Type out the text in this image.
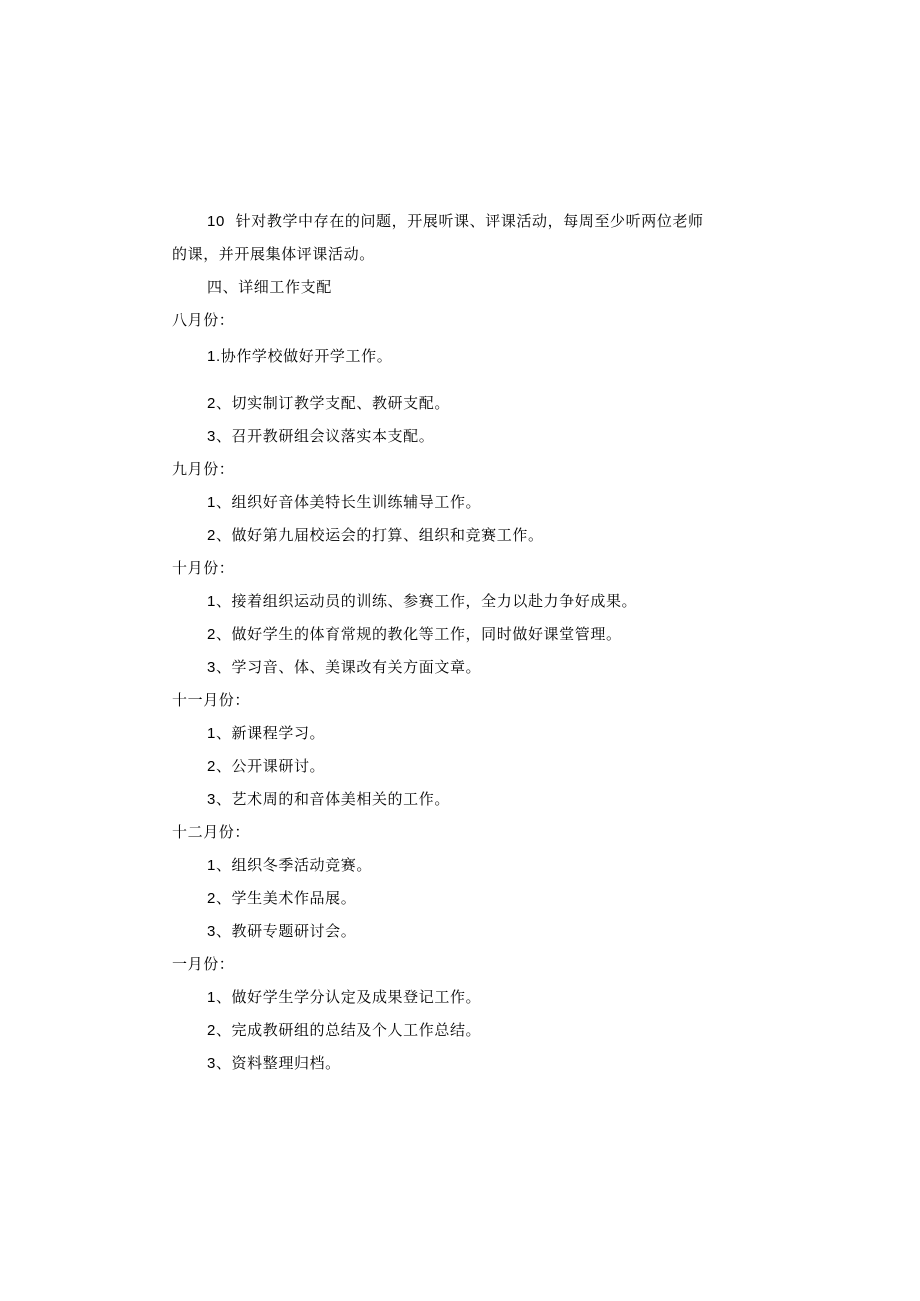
10 针对教学中存在的问题，开展听课、评课活动，每周至少听两位老师
的课，并开展集体评课活动。
四、详细工作支配
八月份：
1.协作学校做好开学工作。
2、切实制订教学支配、教研支配。
3、召开教研组会议落实本支配。
九月份：
1、组织好音体美特长生训练辅导工作。
2、做好第九届校运会的打算、组织和竞赛工作。
十月份：
1、接着组织运动员的训练、参赛工作，全力以赴力争好成果。
2、做好学生的体育常规的教化等工作，同时做好课堂管理。
3、学习音、体、美课改有关方面文章。
十一月份：
1、新课程学习。
2、公开课研讨。
3、艺术周的和音体美相关的工作。
十二月份：
1、组织冬季活动竞赛。
2、学生美术作品展。
3、教研专题研讨会。
一月份：
1、做好学生学分认定及成果登记工作。
2、完成教研组的总结及个人工作总结。
3、资料整理归档。
